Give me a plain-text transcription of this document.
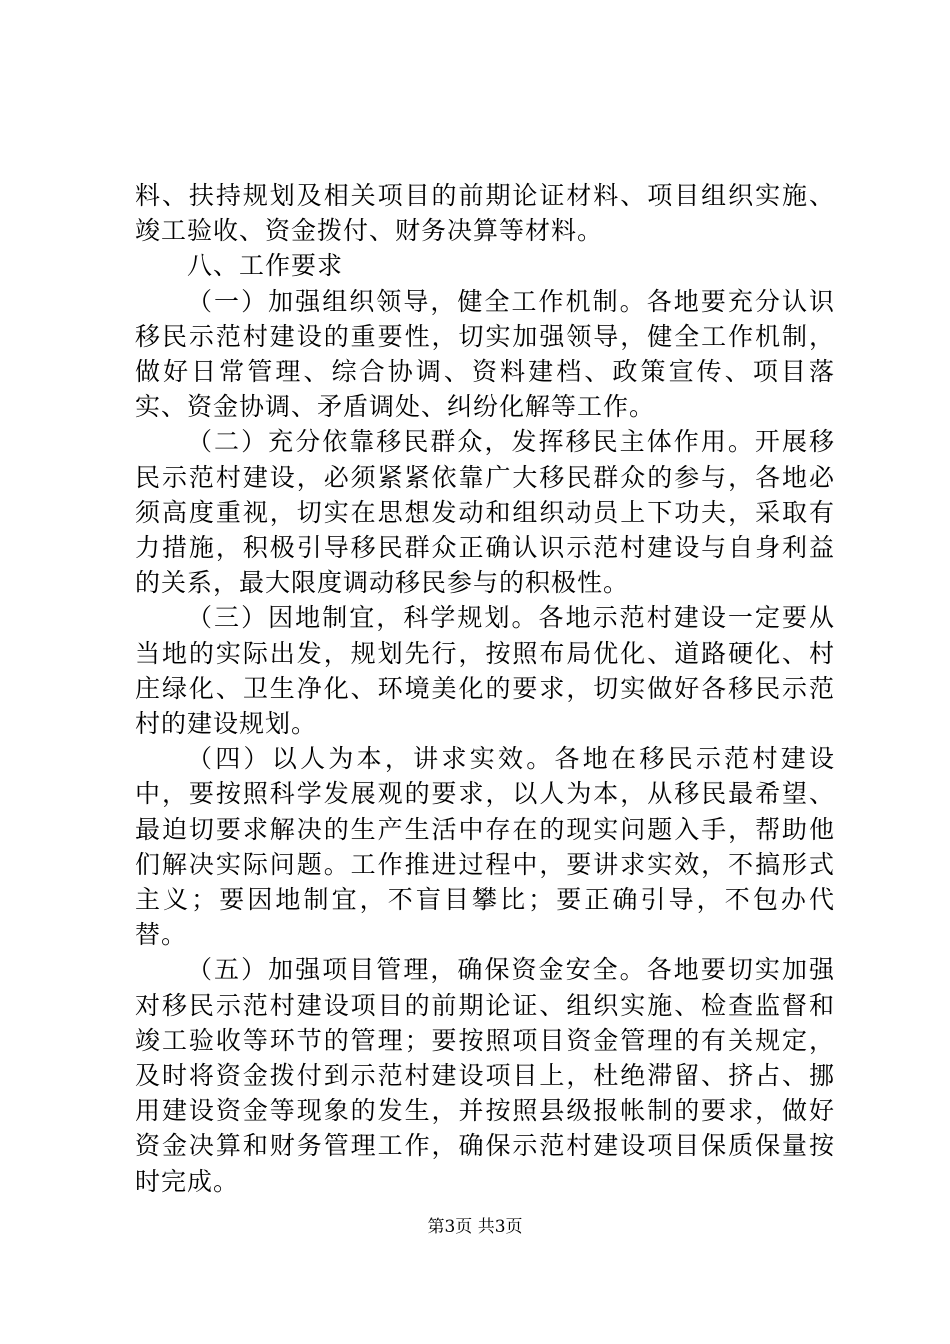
料、扶持规划及相关项目的前期论证材料、项目组织实施、竣工验收、资金拨付、财务决算等材料。

八、工作要求

（一）加强组织领导，健全工作机制。各地要充分认识移民示范村建设的重要性，切实加强领导，健全工作机制，做好日常管理、综合协调、资料建档、政策宣传、项目落实、资金协调、矛盾调处、纠纷化解等工作。

（二）充分依靠移民群众，发挥移民主体作用。开展移民示范村建设，必须紧紧依靠广大移民群众的参与，各地必须高度重视，切实在思想发动和组织动员上下功夫，采取有力措施，积极引导移民群众正确认识示范村建设与自身利益的关系，最大限度调动移民参与的积极性。

（三）因地制宜，科学规划。各地示范村建设一定要从当地的实际出发，规划先行，按照布局优化、道路硬化、村庄绿化、卫生净化、环境美化的要求，切实做好各移民示范村的建设规划。

（四）以人为本，讲求实效。各地在移民示范村建设中，要按照科学发展观的要求，以人为本，从移民最希望、最迫切要求解决的生产生活中存在的现实问题入手，帮助他们解决实际问题。工作推进过程中，要讲求实效，不搞形式主义；要因地制宜，不盲目攀比；要正确引导，不包办代替。

（五）加强项目管理，确保资金安全。各地要切实加强对移民示范村建设项目的前期论证、组织实施、检查监督和竣工验收等环节的管理；要按照项目资金管理的有关规定，及时将资金拨付到示范村建设项目上，杜绝滞留、挤占、挪用建设资金等现象的发生，并按照县级报帐制的要求，做好资金决算和财务管理工作，确保示范村建设项目保质保量按时完成。

第3页 共3页
